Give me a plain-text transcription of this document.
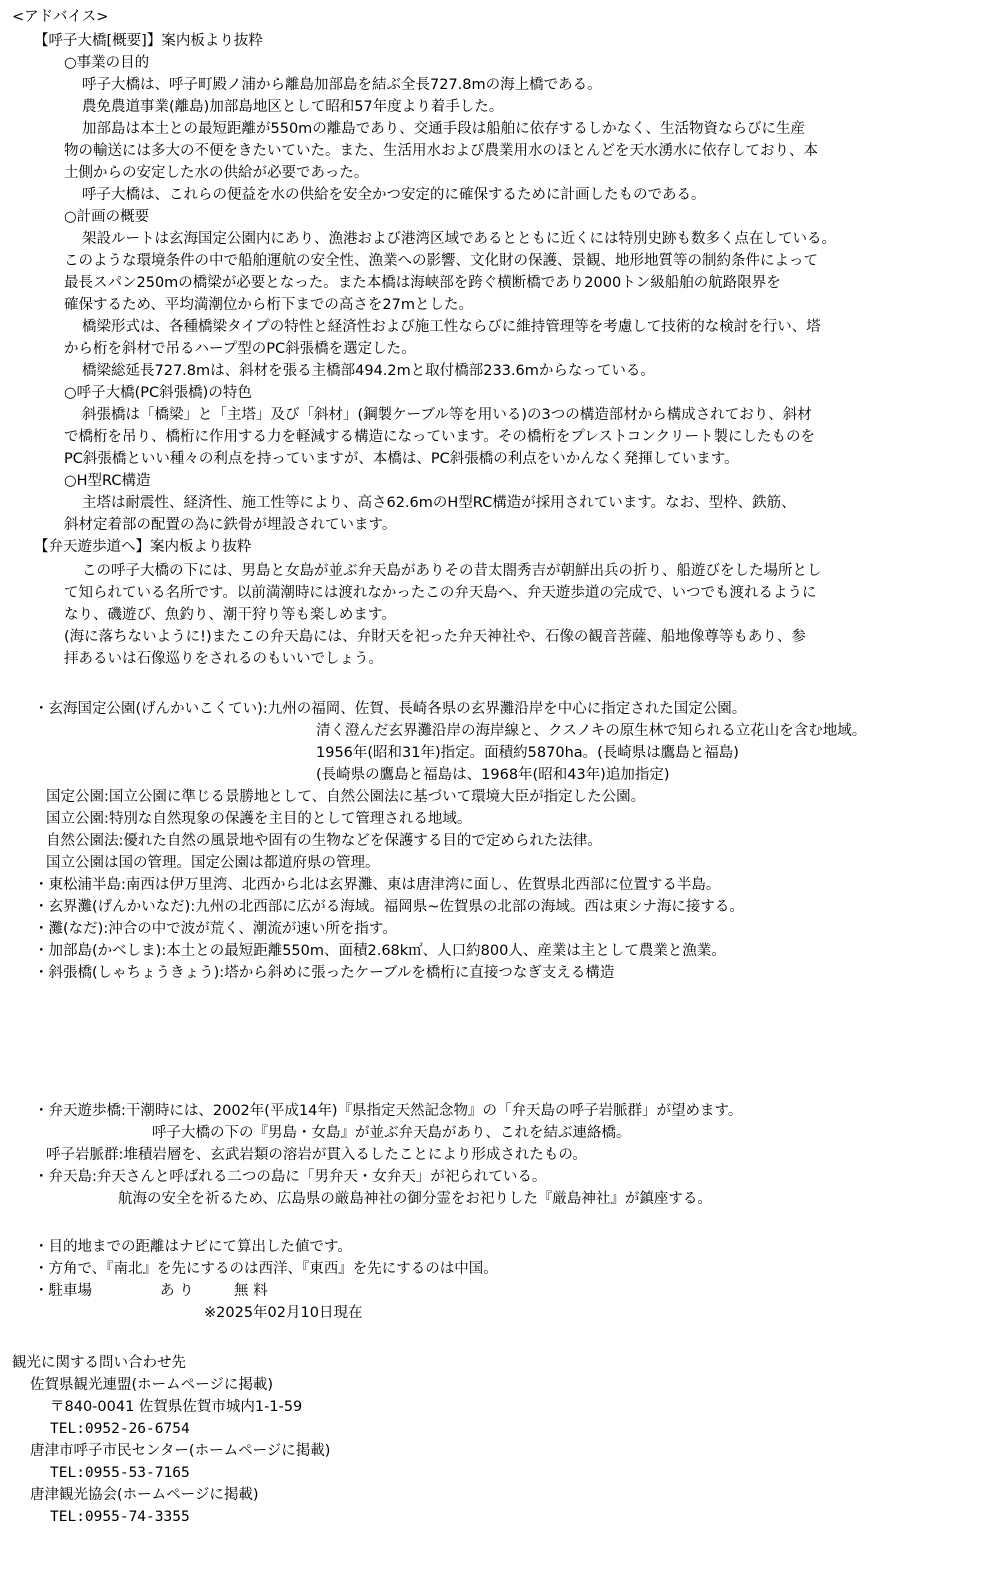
<アドバイス>
【呼子大橋[概要]】案内板より抜粋
○事業の目的
呼子大橋は、呼子町殿ノ浦から離島加部島を結ぶ全長727.8mの海上橋である。
農免農道事業(離島)加部島地区として昭和57年度より着手した。
加部島は本土との最短距離が550mの離島であり、交通手段は船舶に依存するしかなく、生活物資ならびに生産
物の輸送には多大の不便をきたいていた。また、生活用水および農業用水のほとんどを天水湧水に依存しており、本
土側からの安定した水の供給が必要であった。
呼子大橋は、これらの便益を水の供給を安全かつ安定的に確保するために計画したものである。
○計画の概要
架設ルートは玄海国定公園内にあり、漁港および港湾区域であるとともに近くには特別史跡も数多く点在している。
このような環境条件の中で船舶運航の安全性、漁業への影響、文化財の保護、景観、地形地質等の制約条件によって
最長スパン250mの橋梁が必要となった。また本橋は海峡部を跨ぐ横断橋であり2000トン級船舶の航路限界を
確保するため、平均満潮位から桁下までの高さを27mとした。
橋梁形式は、各種橋梁タイプの特性と経済性および施工性ならびに維持管理等を考慮して技術的な検討を行い、塔
から桁を斜材で吊るハープ型のPC斜張橋を選定した。
橋梁総延長727.8mは、斜材を張る主橋部494.2mと取付橋部233.6mからなっている。
○呼子大橋(PC斜張橋)の特色
斜張橋は「橋梁」と「主塔」及び「斜材」(鋼製ケーブル等を用いる)の3つの構造部材から構成されており、斜材
で橋桁を吊り、橋桁に作用する力を軽減する構造になっています。その橋桁をプレストコンクリート製にしたものを
PC斜張橋といい種々の利点を持っていますが、本橋は、PC斜張橋の利点をいかんなく発揮しています。
○H型RC構造
主塔は耐震性、経済性、施工性等により、高さ62.6mのH型RC構造が採用されています。なお、型枠、鉄筋、
斜材定着部の配置の為に鉄骨が埋設されています。
【弁天遊歩道へ】案内板より抜粋
この呼子大橋の下には、男島と女島が並ぶ弁天島がありその昔太閤秀吉が朝鮮出兵の折り、船遊びをした場所とし
て知られている名所です。以前満潮時には渡れなかったこの弁天島へ、弁天遊歩道の完成で、いつでも渡れるように
なり、磯遊び、魚釣り、潮干狩り等も楽しめます。
(海に落ちないように!)またこの弁天島には、弁財天を祀った弁天神社や、石像の観音菩薩、船地像尊等もあり、参
拝あるいは石像巡りをされるのもいいでしょう。
・玄海国定公園(げんかいこくてい):九州の福岡、佐賀、長崎各県の玄界灘沿岸を中心に指定された国定公園。
清く澄んだ玄界灘沿岸の海岸線と、クスノキの原生林で知られる立花山を含む地域。
1956年(昭和31年)指定。面積約5870ha。(長崎県は鷹島と福島)
(長崎県の鷹島と福島は、1968年(昭和43年)追加指定)
国定公園:国立公園に準じる景勝地として、自然公園法に基づいて環境大臣が指定した公園。
国立公園:特別な自然現象の保護を主目的として管理される地域。
自然公園法:優れた自然の風景地や固有の生物などを保護する目的で定められた法律。
国立公園は国の管理。国定公園は都道府県の管理。
・東松浦半島:南西は伊万里湾、北西から北は玄界灘、東は唐津湾に面し、佐賀県北西部に位置する半島。
・玄界灘(げんかいなだ):九州の北西部に広がる海域。福岡県~佐賀県の北部の海域。西は東シナ海に接する。
・灘(なだ):沖合の中で波が荒く、潮流が速い所を指す。
・加部島(かべしま):本土との最短距離550m、面積2.68k㎡、人口約800人、産業は主として農業と漁業。
・斜張橋(しゃちょうきょう):塔から斜めに張ったケーブルを橋桁に直接つなぎ支える構造
・弁天遊歩橋:干潮時には、2002年(平成14年)『県指定天然記念物』の「弁天島の呼子岩脈群」が望めます。
呼子大橋の下の『男島・女島』が並ぶ弁天島があり、これを結ぶ連絡橋。
呼子岩脈群:堆積岩層を、玄武岩類の溶岩が貫入るしたことにより形成されたもの。
・弁天島:弁天さんと呼ばれる二つの島に「男弁天・女弁天」が祀られている。
航海の安全を祈るため、広島県の厳島神社の御分霊をお祀りした『厳島神社』が鎮座する。
・目的地までの距離はナビにて算出した値です。
・方角で、『南北』を先にするのは西洋、『東西』を先にするのは中国。
・駐車場	あ り	無 料
※2025年02月10日現在
観光に関する問い合わせ先
佐賀県観光連盟(ホームページに掲載)
〒840-0041 佐賀県佐賀市城内1-1-59
TEL:0952-26-6754
唐津市呼子市民センター(ホームページに掲載)
TEL:0955-53-7165
唐津観光協会(ホームページに掲載)
TEL:0955-74-3355
